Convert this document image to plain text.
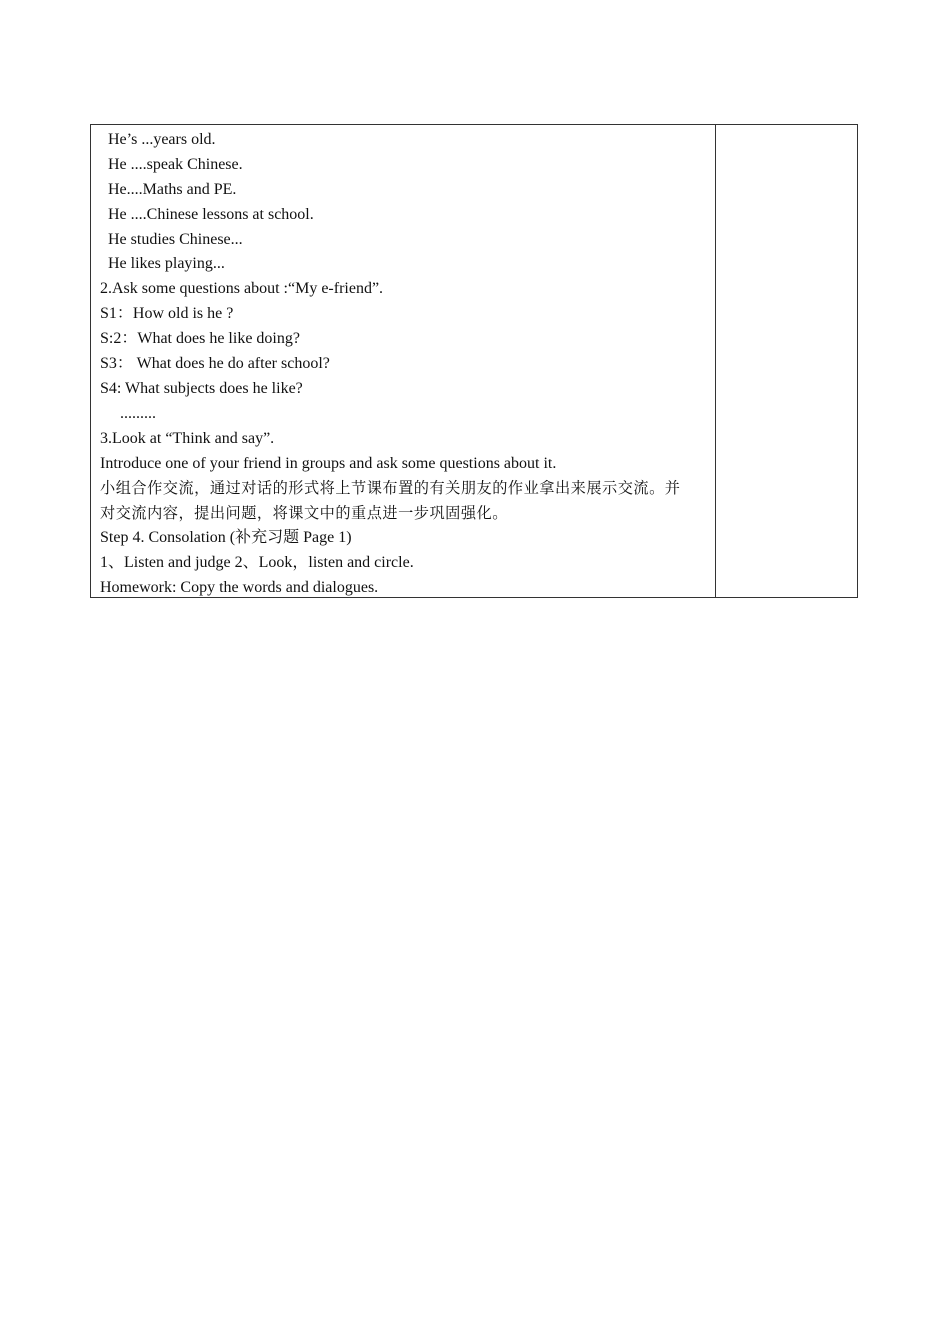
He’s ...years old.
He ....speak Chinese.
He....Maths and PE.
He ....Chinese lessons at school.
He studies Chinese...
He likes playing...
2.Ask some questions about :“My e-friend”.
S1：How old is he ?
S:2：What does he like doing?
S3： What does he do after school?
S4: What subjects does he like?
.........
3.Look at “Think and say”.
Introduce one of your friend in groups and ask some questions about it.
小组合作交流，通过对话的形式将上节课布置的有关朋友的作业拿出来展示交流。并
对交流内容，提出问题，将课文中的重点进一步巩固强化。
Step 4. Consolation (补充习题 Page 1)
1、Listen and judge 2、Look，listen and circle.
Homework: Copy the words and dialogues.
